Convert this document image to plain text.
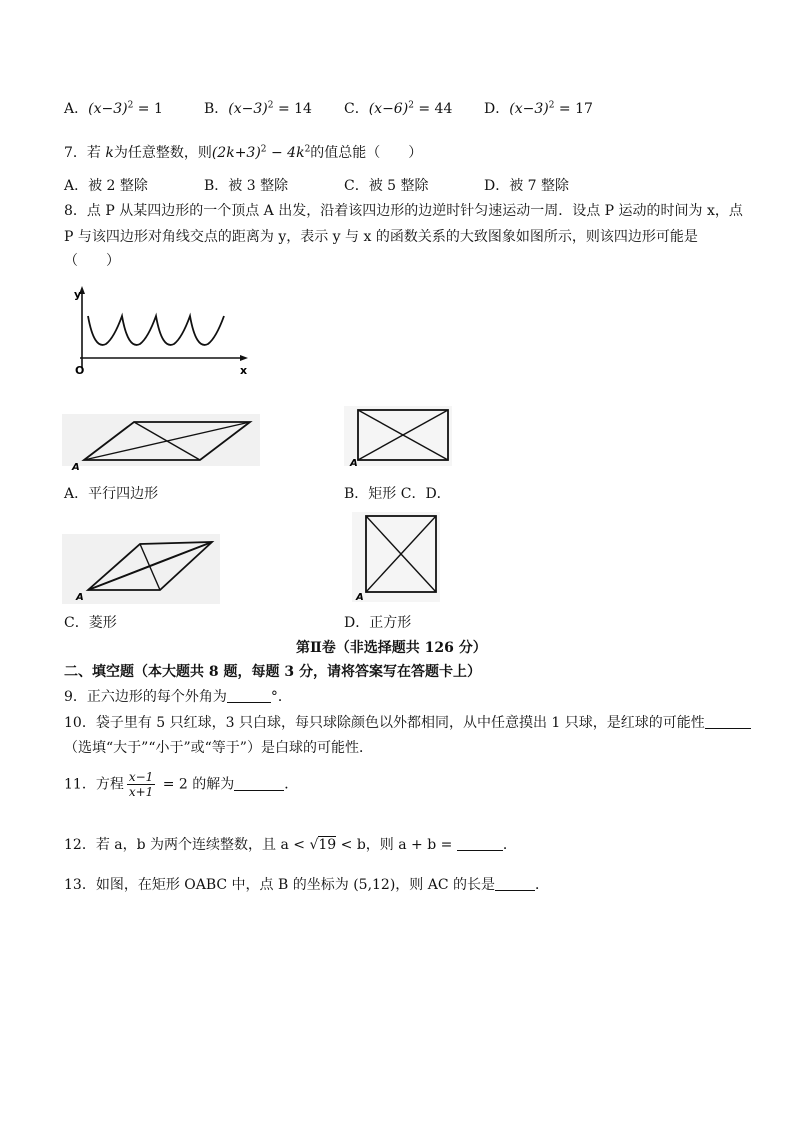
A．$(x-3)^2 = 1$	B．$(x-3)^2 = 14$ C．$(x-6)^2 = 44$ D．$(x-3)^2 = 17$
7．若 k为任意整数，则$(2k+3)^2 - 4k^2$的值总能（　　）
A．被 2 整除	B．被 3 整除	C．被 5 整除	D．被 7 整除
8．点 P 从某四边形的一个顶点 A 出发，沿着该四边形的边逆时针匀速运动一周．设点 P 运动的时间为 x，点
P 与该四边形对角线交点的距离为 y，表示 y 与 x 的函数关系的大致图象如图所示，则该四边形可能是
（　　）
y
x
O
A	A
A．平行四边形	B．矩形 C．D．
A	A
C．菱形	D．正方形
第Ⅱ卷（非选择题共 126 分）
二、填空题（本大题共 8 题，每题 3 分，请将答案写在答题卡上）
9．正六边形的每个外角为	°．
10．袋子里有 5 只红球，3 只白球，每只球除颜色以外都相同，从中任意摸出 1 只球，是红球的可能性
（选填“大于”“小于”或“等于”）是白球的可能性．
11．方程 $\frac{x-1}{x+1} = 2$ 的解为	．
12．若 a，b 为两个连续整数，且 a < √19 < b，则 a + b =	．
13．如图，在矩形 OABC 中，点 B 的坐标为 (5,12)，则 AC 的长是	．
